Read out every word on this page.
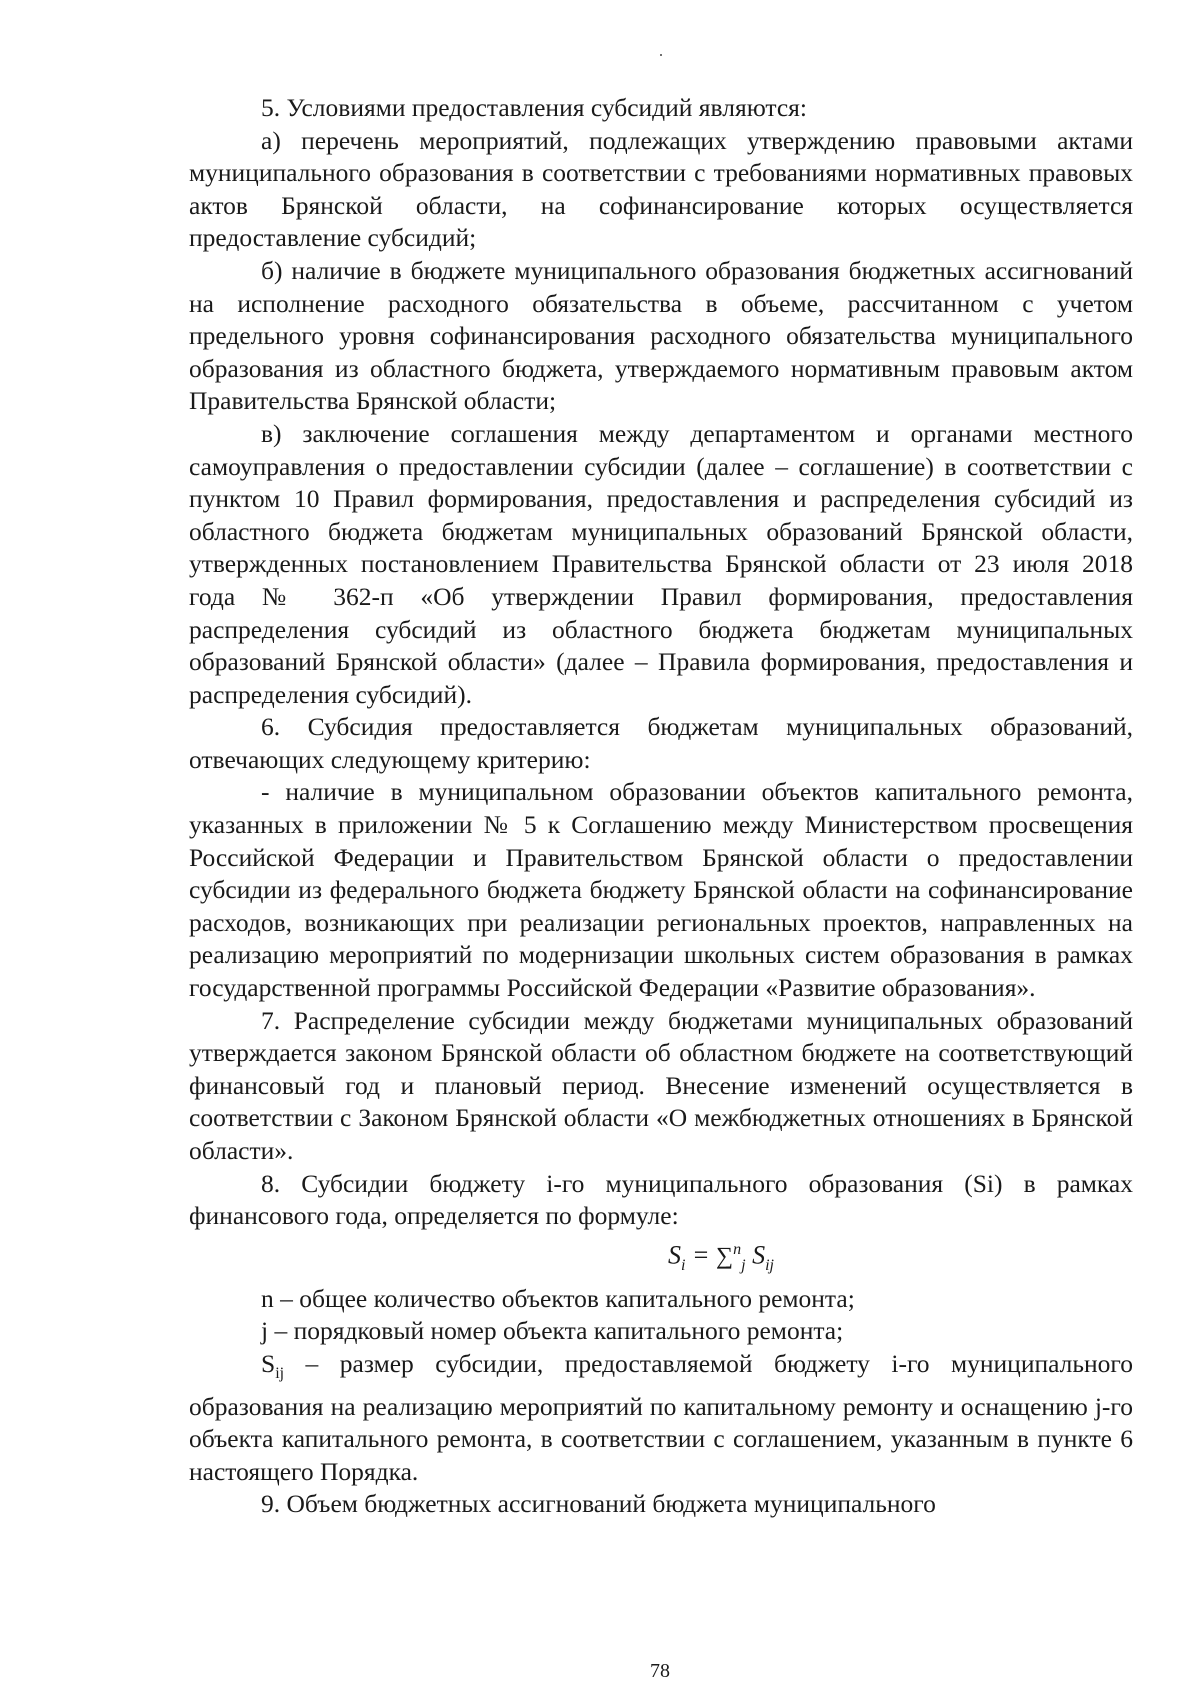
5. Условиями предоставления субсидий являются:

а) перечень мероприятий, подлежащих утверждению правовыми актами муниципального образования в соответствии с требованиями нормативных правовых актов Брянской области, на софинансирование которых осуществляется предоставление субсидий;

б) наличие в бюджете муниципального образования бюджетных ассигнований на исполнение расходного обязательства в объеме, рассчитанном с учетом предельного уровня софинансирования расходного обязательства муниципального образования из областного бюджета, утверждаемого нормативным правовым актом Правительства Брянской области;

в) заключение соглашения между департаментом и органами местного самоуправления о предоставлении субсидии (далее – соглашение) в соответствии с пунктом 10 Правил формирования, предоставления и распределения субсидий из областного бюджета бюджетам муниципальных образований Брянской области, утвержденных постановлением Правительства Брянской области от 23 июля 2018 года № 362-п «Об утверждении Правил формирования, предоставления распределения субсидий из областного бюджета бюджетам муниципальных образований Брянской области» (далее – Правила формирования, предоставления и распределения субсидий).

6. Субсидия предоставляется бюджетам муниципальных образований, отвечающих следующему критерию:

- наличие в муниципальном образовании объектов капитального ремонта, указанных в приложении № 5 к Соглашению между Министерством просвещения Российской Федерации и Правительством Брянской области о предоставлении субсидии из федерального бюджета бюджету Брянской области на софинансирование расходов, возникающих при реализации региональных проектов, направленных на реализацию мероприятий по модернизации школьных систем образования в рамках государственной программы Российской Федерации «Развитие образования».

7. Распределение субсидии между бюджетами муниципальных образований утверждается законом Брянской области об областном бюджете на соответствующий финансовый год и плановый период. Внесение изменений осуществляется в соответствии с Законом Брянской области «О межбюджетных отношениях в Брянской области».

8. Субсидии бюджету i-го муниципального образования (Si) в рамках финансового года, определяется по формуле:

$S_i = \sum^n_j$ $S_{ij}$

n – общее количество объектов капитального ремонта;

j – порядковый номер объекта капитального ремонта;

$S_{ij}$ – размер субсидии, предоставляемой бюджету i-го муниципального образования на реализацию мероприятий по капитальному ремонту и оснащению j-го объекта капитального ремонта, в соответствии с соглашением, указанным в пункте 6 настоящего Порядка.

9. Объем бюджетных ассигнований бюджета муниципального

78
